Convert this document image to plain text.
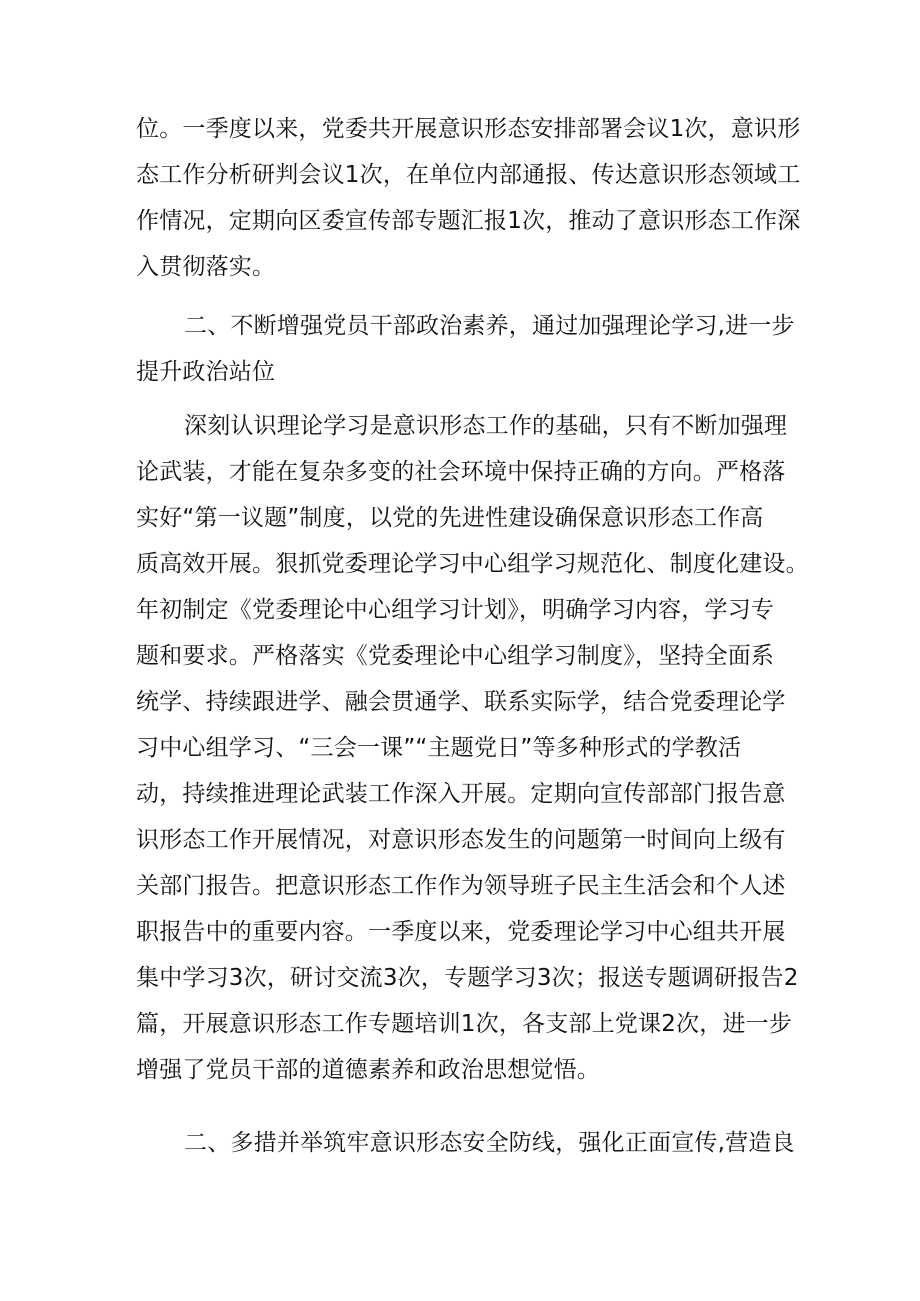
位。一季度以来，党委共开展意识形态安排部署会议1次，意识形
态工作分析研判会议1次，在单位内部通报、传达意识形态领域工
作情况，定期向区委宣传部专题汇报1次，推动了意识形态工作深
入贯彻落实。
二、不断增强党员干部政治素养，通过加强理论学习,进一步
提升政治站位
深刻认识理论学习是意识形态工作的基础，只有不断加强理
论武装，才能在复杂多变的社会环境中保持正确的方向。严格落
实好“第一议题”制度，以党的先进性建设确保意识形态工作高
质高效开展。狠抓党委理论学习中心组学习规范化、制度化建设。
年初制定《党委理论中心组学习计划》，明确学习内容，学习专
题和要求。严格落实《党委理论中心组学习制度》，坚持全面系
统学、持续跟进学、融会贯通学、联系实际学，结合党委理论学
习中心组学习、“三会一课”“主题党日”等多种形式的学教活
动，持续推进理论武装工作深入开展。定期向宣传部部门报告意
识形态工作开展情况，对意识形态发生的问题第一时间向上级有
关部门报告。把意识形态工作作为领导班子民主生活会和个人述
职报告中的重要内容。一季度以来，党委理论学习中心组共开展
集中学习3次，研讨交流3次，专题学习3次；报送专题调研报告2
篇，开展意识形态工作专题培训1次，各支部上党课2次，进一步
增强了党员干部的道德素养和政治思想觉悟。
二、多措并举筑牢意识形态安全防线，强化正面宣传,营造良
